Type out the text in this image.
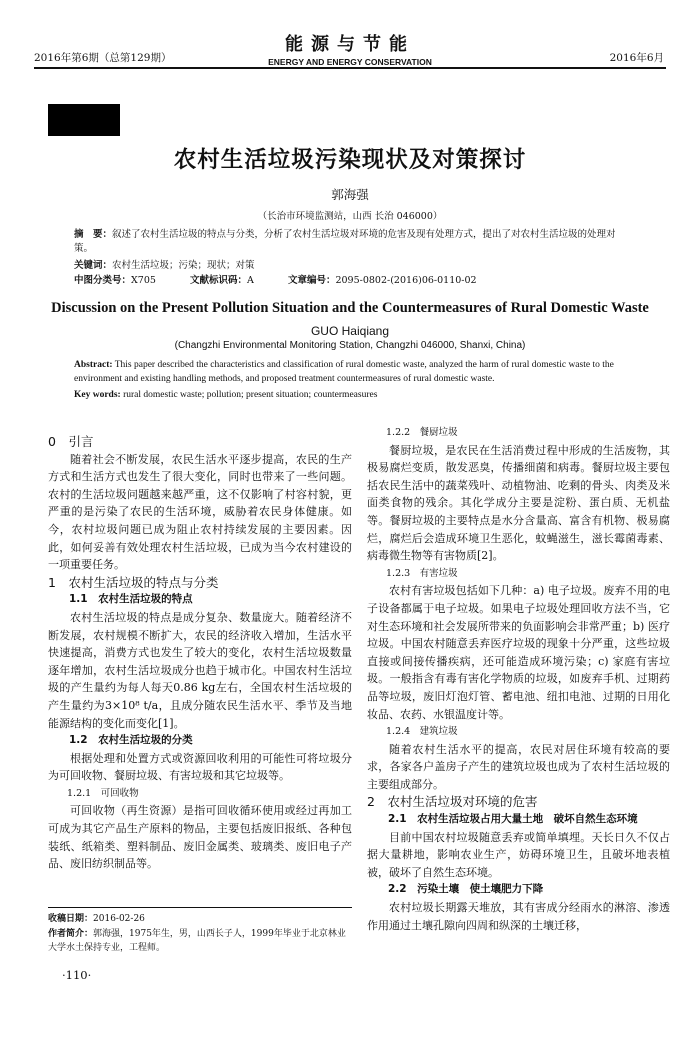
2016年第6期（总第129期）
能源与节能
ENERGY AND ENERGY CONSERVATION	2016年6月
农村生活垃圾污染现状及对策探讨
郭海强
（长治市环境监测站，山西 长治 046000）
摘　要：叙述了农村生活垃圾的特点与分类，分析了农村生活垃圾对环境的危害及现有处理方式，提出了对农村生活垃圾的处理对策。
关键词：农村生活垃圾；污染；现状；对策
中图分类号：X705	文献标识码：A	文章编号：2095-0802-(2016)06-0110-02
Discussion on the Present Pollution Situation and the Countermeasures of Rural Domestic Waste
GUO Haiqiang
(Changzhi Environmental Monitoring Station, Changzhi 046000, Shanxi, China)
Abstract: This paper described the characteristics and classification of rural domestic waste, analyzed the harm of rural domestic waste to the environment and existing handling methods, and proposed treatment countermeasures of rural domestic waste.
Key words: rural domestic waste; pollution; present situation; countermeasures

0　引言

随着社会不断发展，农民生活水平逐步提高，农民的生产方式和生活方式也发生了很大变化，同时也带来了一些问题。农村的生活垃圾问题越来越严重，这不仅影响了村容村貌，更严重的是污染了农民的生活环境，威胁着农民身体健康。如今，农村垃圾问题已成为阻止农村持续发展的主要因素。因此，如何妥善有效处理农村生活垃圾，已成为当今农村建设的一项重要任务。

1　农村生活垃圾的特点与分类

1.1　农村生活垃圾的特点

农村生活垃圾的特点是成分复杂、数量庞大。随着经济不断发展，农村规模不断扩大，农民的经济收入增加，生活水平快速提高，消费方式也发生了较大的变化，农村生活垃圾数量逐年增加，农村生活垃圾成分也趋于城市化。中国农村生活垃圾的产生量约为每人每天0.86 kg左右，全国农村生活垃圾的产生量约为3×10⁸ t/a，且成分随农民生活水平、季节及当地能源结构的变化而变化[1]。

1.2　农村生活垃圾的分类

根据处理和处置方式或资源回收利用的可能性可将垃圾分为可回收物、餐厨垃圾、有害垃圾和其它垃圾等。

1.2.1　可回收物

可回收物（再生资源）是指可回收循环使用或经过再加工可成为其它产品生产原料的物品，主要包括废旧报纸、各种包装纸、纸箱类、塑料制品、废旧金属类、玻璃类、废旧电子产品、废旧纺织制品等。

收稿日期：2016-02-26
作者简介：郭海强，1975年生，男，山西长子人，1999年毕业于北京林业大学水土保持专业，工程师。
·110·

1.2.2　餐厨垃圾

餐厨垃圾，是农民在生活消费过程中形成的生活废物，其极易腐烂变质，散发恶臭，传播细菌和病毒。餐厨垃圾主要包括农民生活中的蔬菜残叶、动植物油、吃剩的骨头、肉类及米面类食物的残余。其化学成分主要是淀粉、蛋白质、无机盐等。餐厨垃圾的主要特点是水分含量高、富含有机物、极易腐烂，腐烂后会造成环境卫生恶化，蚊蝇滋生，滋长霉菌毒素、病毒微生物等有害物质[2]。

1.2.3　有害垃圾

农村有害垃圾包括如下几种：a) 电子垃圾。废弃不用的电子设备都属于电子垃圾。如果电子垃圾处理回收方法不当，它对生态环境和社会发展所带来的负面影响会非常严重；b) 医疗垃圾。中国农村随意丢弃医疗垃圾的现象十分严重，这些垃圾直接或间接传播疾病，还可能造成环境污染；c) 家庭有害垃圾。一般指含有毒有害化学物质的垃圾，如废弃手机、过期药品等垃圾，废旧灯泡灯管、蓄电池、纽扣电池、过期的日用化妆品、农药、水银温度计等。

1.2.4　建筑垃圾

随着农村生活水平的提高，农民对居住环境有较高的要求，各家各户盖房子产生的建筑垃圾也成为了农村生活垃圾的主要组成部分。

2　农村生活垃圾对环境的危害

2.1　农村生活垃圾占用大量土地　破坏自然生态环境

目前中国农村垃圾随意丢弃或简单填埋。天长日久不仅占据大量耕地，影响农业生产，妨碍环境卫生，且破坏地表植被，破坏了自然生态环境。

2.2　污染土壤　使土壤肥力下降

农村垃圾长期露天堆放，其有害成分经雨水的淋溶、渗透作用通过土壤孔隙向四周和纵深的土壤迁移，
